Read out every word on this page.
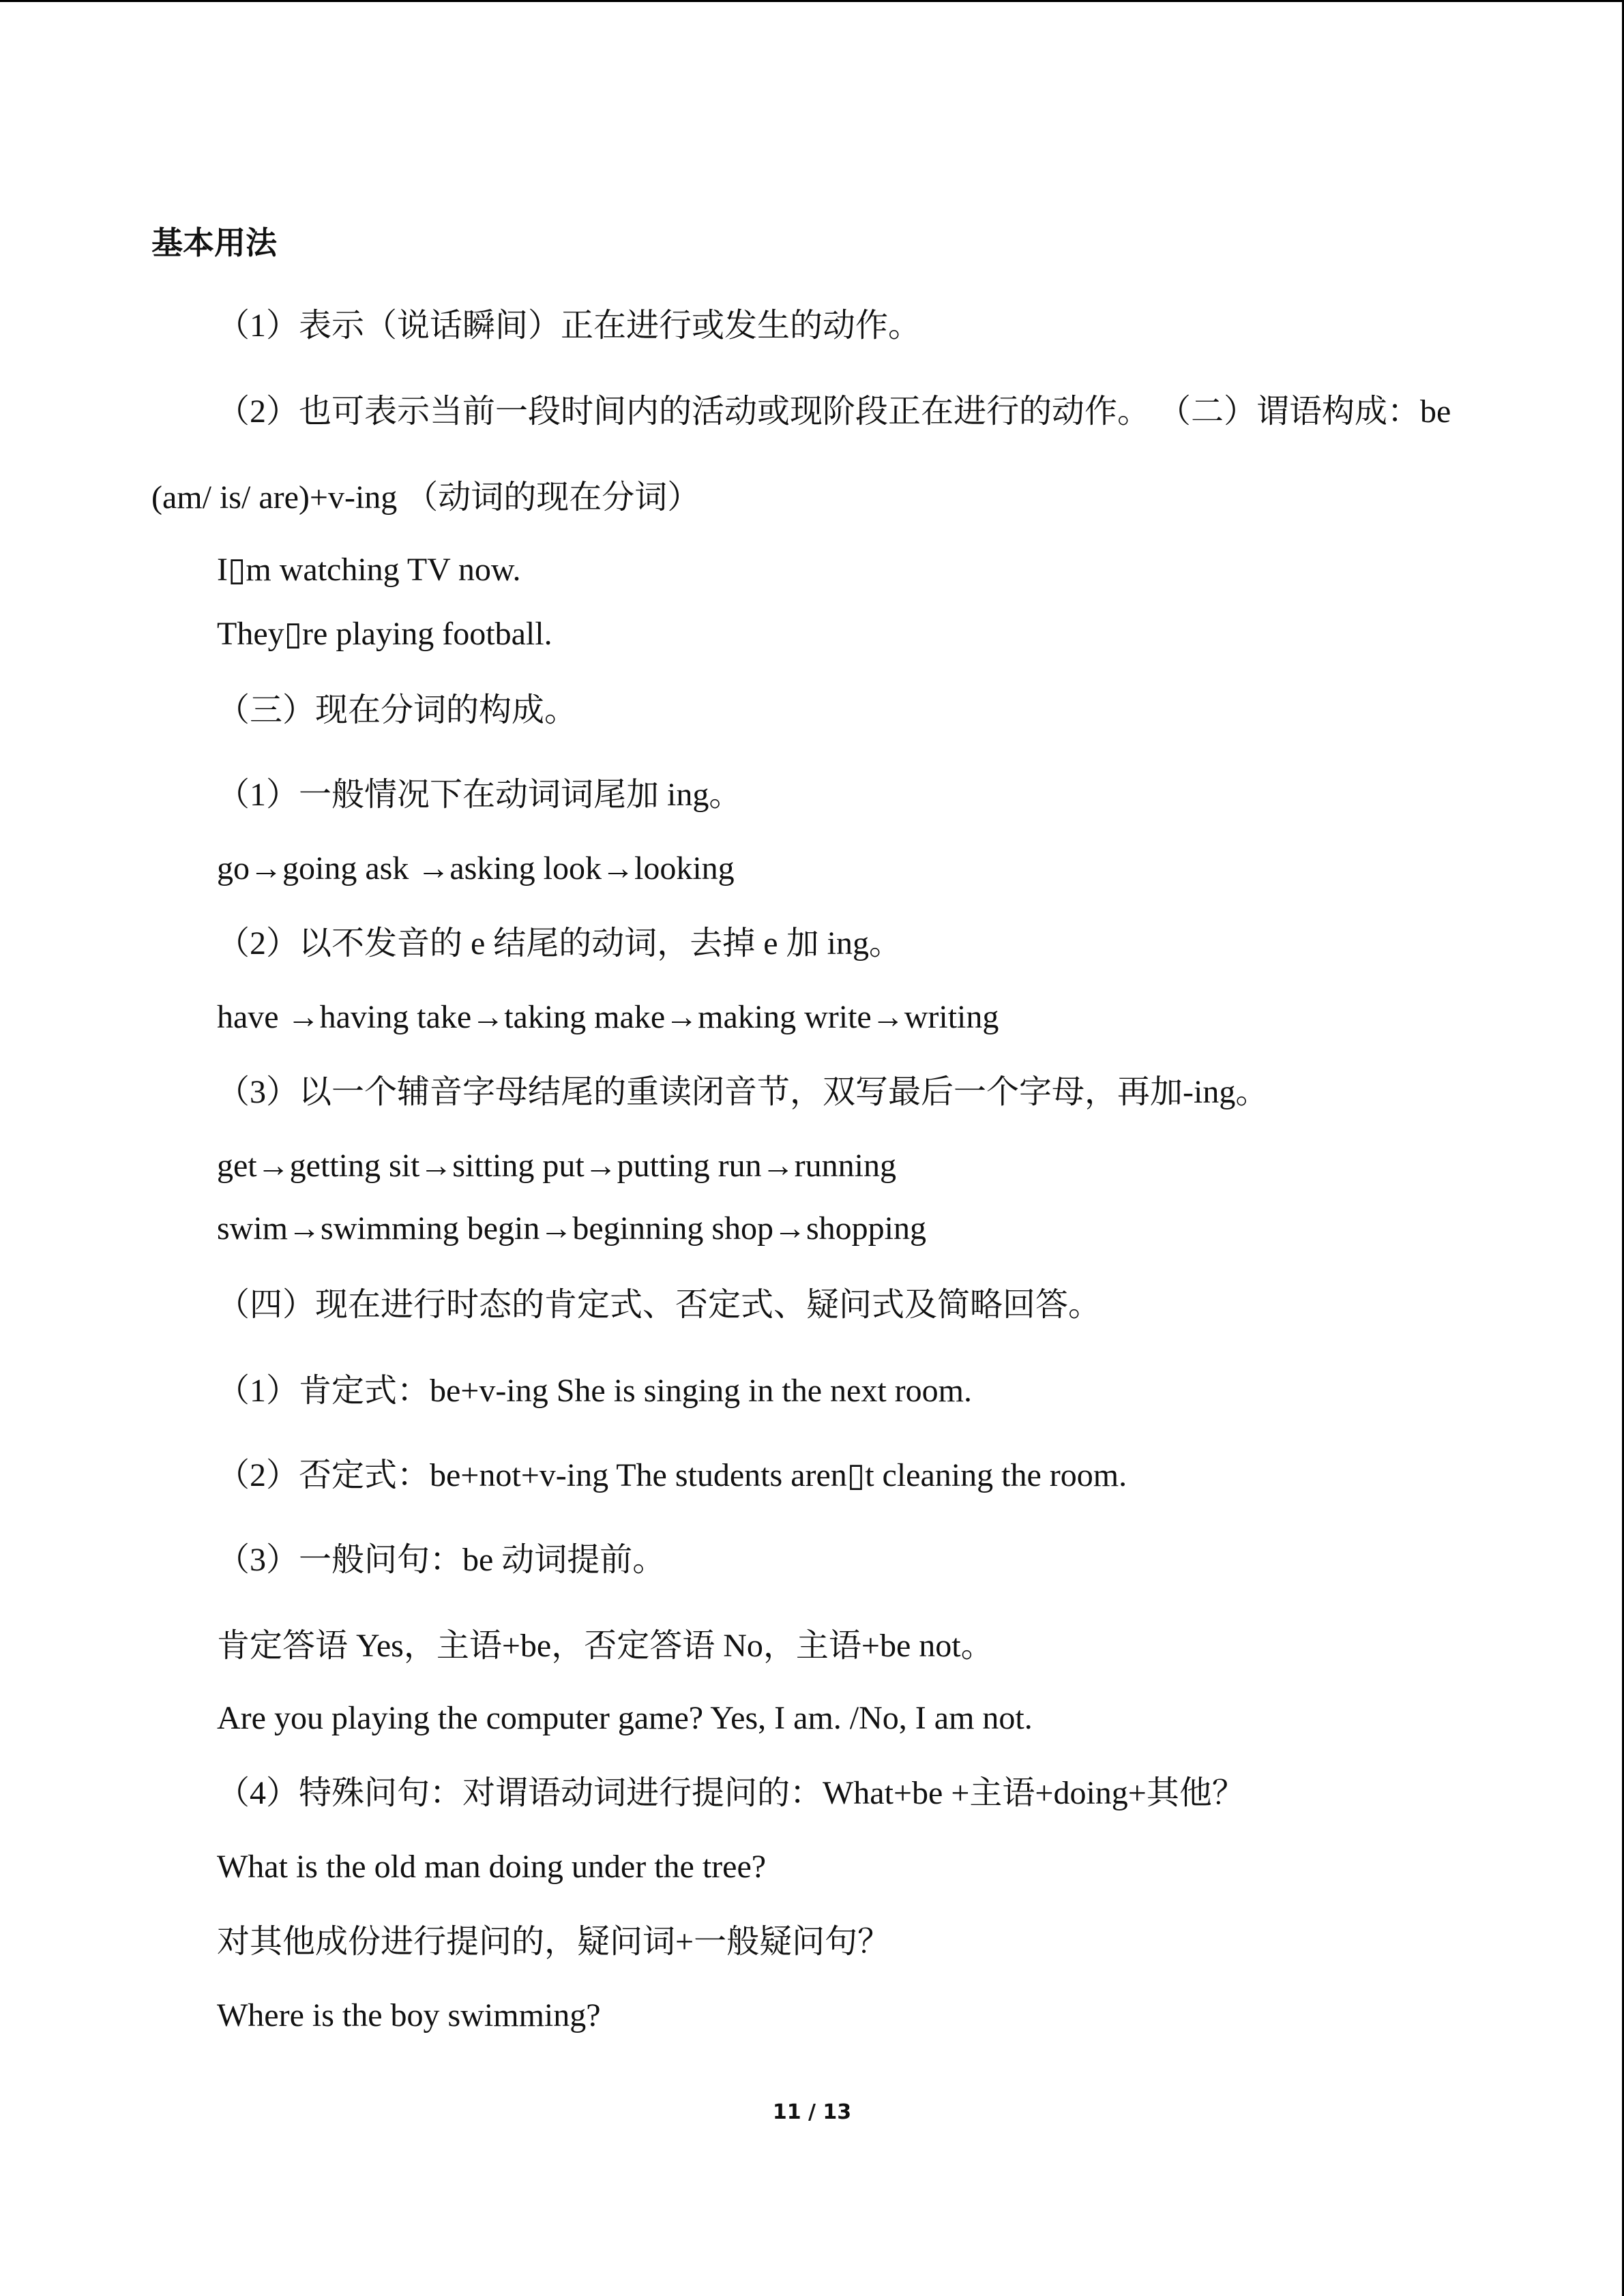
基本用法
（1）表示（说话瞬间）正在进行或发生的动作。
（2）也可表示当前一段时间内的活动或现阶段正在进行的动作。 （二）谓语构成：be
(am/ is/ are)+v-ing （动词的现在分词）
I▯m watching TV now.
They▯re playing football.
（三）现在分词的构成。
（1）一般情况下在动词词尾加 ing。
go→going ask →asking look→looking
（2）以不发音的 e 结尾的动词，去掉 e 加 ing。
have →having take→taking make→making write→writing
（3）以一个辅音字母结尾的重读闭音节，双写最后一个字母，再加-ing。
get→getting sit→sitting put→putting run→running
swim→swimming begin→beginning shop→shopping
（四）现在进行时态的肯定式、否定式、疑问式及简略回答。
（1）肯定式：be+v-ing She is singing in the next room.
（2）否定式：be+not+v-ing The students aren▯t cleaning the room.
（3）一般问句：be 动词提前。
肯定答语 Yes，主语+be，否定答语 No，主语+be not。
Are you playing the computer game? Yes, I am. /No, I am not.
（4）特殊问句：对谓语动词进行提问的：What+be +主语+doing+其他？
What is the old man doing under the tree?
对其他成份进行提问的，疑问词+一般疑问句？
Where is the boy swimming?
11 / 13
